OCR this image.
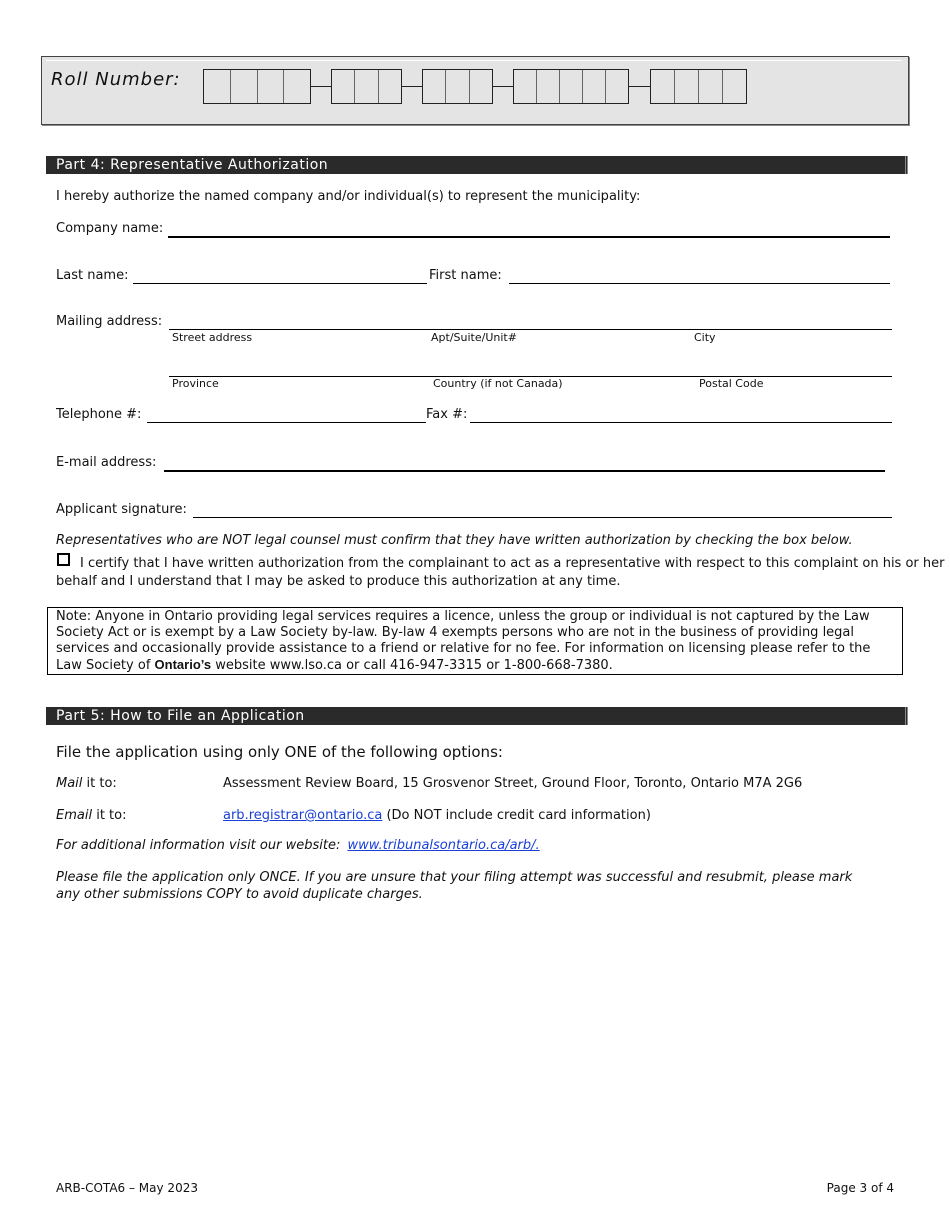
Roll Number:
Part 4: Representative Authorization
I hereby authorize the named company and/or individual(s) to represent the municipality:
Company name:
Last name:	First name:
Mailing address:
Street address	Apt/Suite/Unit#	City
Province	Country (if not Canada)	Postal Code
Telephone #:	Fax #:
E-mail address:
Applicant signature:
Representatives who are NOT legal counsel must confirm that they have written authorization by checking the box below.
I certify that I have written authorization from the complainant to act as a representative with respect to this complaint on his or her
behalf and I understand that I may be asked to produce this authorization at any time.
Note: Anyone in Ontario providing legal services requires a licence, unless the group or individual is not captured by the Law Society Act or is exempt by a Law Society by-law. By-law 4 exempts persons who are not in the business of providing legal services and occasionally provide assistance to a friend or relative for no fee. For information on licensing please refer to the Law Society of Ontario’s website www.lso.ca or call 416-947-3315 or 1-800-668-7380.
Part 5: How to File an Application
File the application using only ONE of the following options:
Mail it to:	Assessment Review Board, 15 Grosvenor Street, Ground Floor, Toronto, Ontario M7A 2G6
Email it to:	arb.registrar@ontario.ca (Do NOT include credit card information)
For additional information visit our website: www.tribunalsontario.ca/arb/.
Please file the application only ONCE. If you are unsure that your filing attempt was successful and resubmit, please mark
any other submissions COPY to avoid duplicate charges.
ARB-COTA6 – May 2023	Page 3 of 4
